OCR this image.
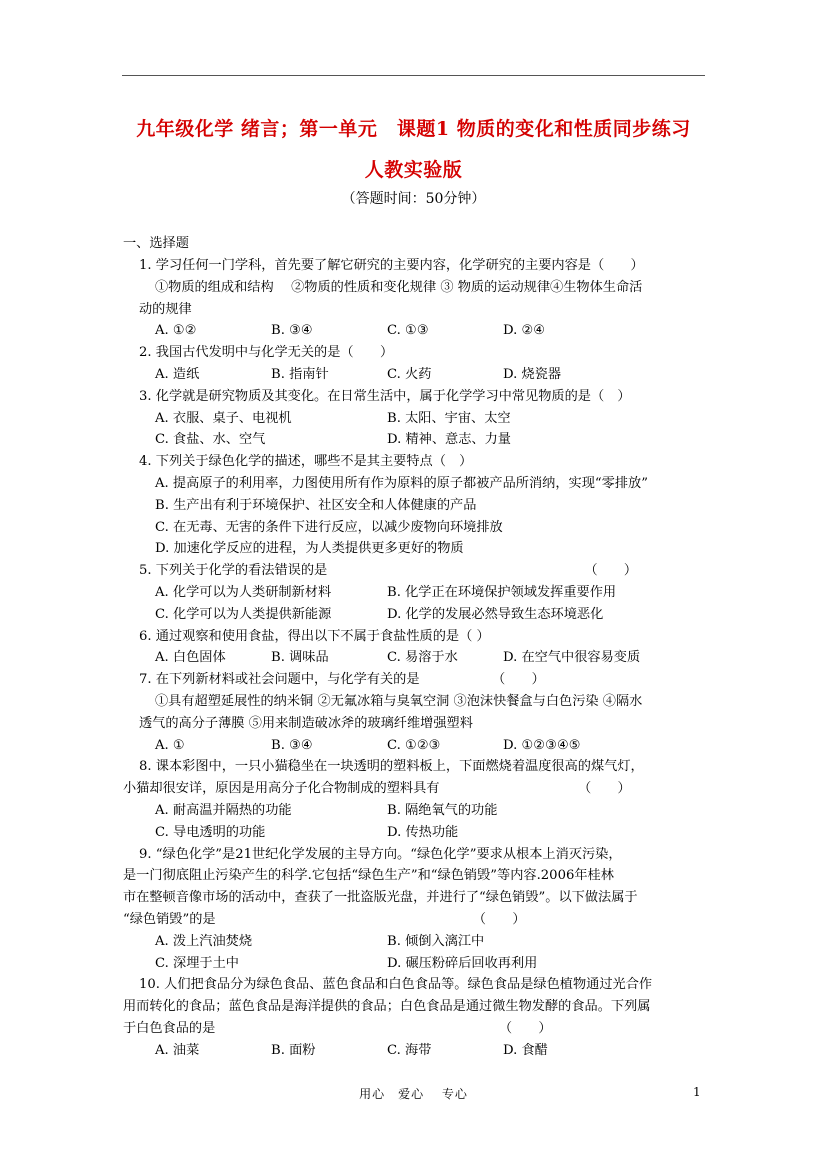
九年级化学 绪言；第一单元　课题1 物质的变化和性质同步练习
人教实验版
（答题时间：50分钟）
一、选择题
1. 学习任何一门学科，首先要了解它研究的主要内容，化学研究的主要内容是（　　）
①物质的组成和结构　 ②物质的性质和变化规律 ③ 物质的运动规律④生物体生命活
动的规律
A. ①②	B. ③④	C. ①③	D. ②④
2. 我国古代发明中与化学无关的是（　　）
A. 造纸	B. 指南针	C. 火药	D. 烧瓷器
3. 化学就是研究物质及其变化。在日常生活中，属于化学学习中常见物质的是（　）
A. 衣服、桌子、电视机	B. 太阳、宇宙、太空
C. 食盐、水、空气	D. 精神、意志、力量
4. 下列关于绿色化学的描述，哪些不是其主要特点（　）
A. 提高原子的利用率，力图使用所有作为原料的原子都被产品所消纳，实现“零排放”
B. 生产出有利于环境保护、社区安全和人体健康的产品
C. 在无毒、无害的条件下进行反应，以减少废物向环境排放
D. 加速化学反应的进程，为人类提供更多更好的物质
5. 下列关于化学的看法错误的是　　　　　　　　　　　　　　　　　　　　（　　）
A. 化学可以为人类研制新材料	B. 化学正在环境保护领域发挥重要作用
C. 化学可以为人类提供新能源	D. 化学的发展必然导致生态环境恶化
6. 通过观察和使用食盐，得出以下不属于食盐性质的是（ ）
A. 白色固体	B. 调味品	C. 易溶于水	D. 在空气中很容易变质
7. 在下列新材料或社会问题中，与化学有关的是　　　　　　（　　）
①具有超塑延展性的纳米铜 ②无氟冰箱与臭氧空洞 ③泡沫快餐盒与白色污染 ④隔水
透气的高分子薄膜 ⑤用来制造破冰斧的玻璃纤维增强塑料
A. ①	B. ③④	C. ①②③	D. ①②③④⑤
8. 课本彩图中，一只小猫稳坐在一块透明的塑料板上，下面燃烧着温度很高的煤气灯，
小猫却很安详，原因是用高分子化合物制成的塑料具有　　　　　　　　　　　（　　）
A. 耐高温并隔热的功能	B. 隔绝氧气的功能
C. 导电透明的功能	D. 传热功能
9. “绿色化学”是21世纪化学发展的主导方向。“绿色化学”要求从根本上消灭污染，
是一门彻底阻止污染产生的科学.它包括“绿色生产”和“绿色销毁”等内容.2006年桂林
市在整顿音像市场的活动中，查获了一批盗版光盘，并进行了“绿色销毁”。以下做法属于
“绿色销毁”的是　　　　　　　　　　　　　　　　　　　　（　　）
A. 泼上汽油焚烧	B. 倾倒入漓江中
C. 深埋于土中	D. 碾压粉碎后回收再利用
10. 人们把食品分为绿色食品、蓝色食品和白色食品等。绿色食品是绿色植物通过光合作
用而转化的食品；蓝色食品是海洋提供的食品；白色食品是通过微生物发酵的食品。下列属
于白色食品的是　　　　　　　　　　　　　　　　　　　　　　（　　）
A. 油菜	B. 面粉	C. 海带	D. 食醋
用心　爱心　 专心	1
